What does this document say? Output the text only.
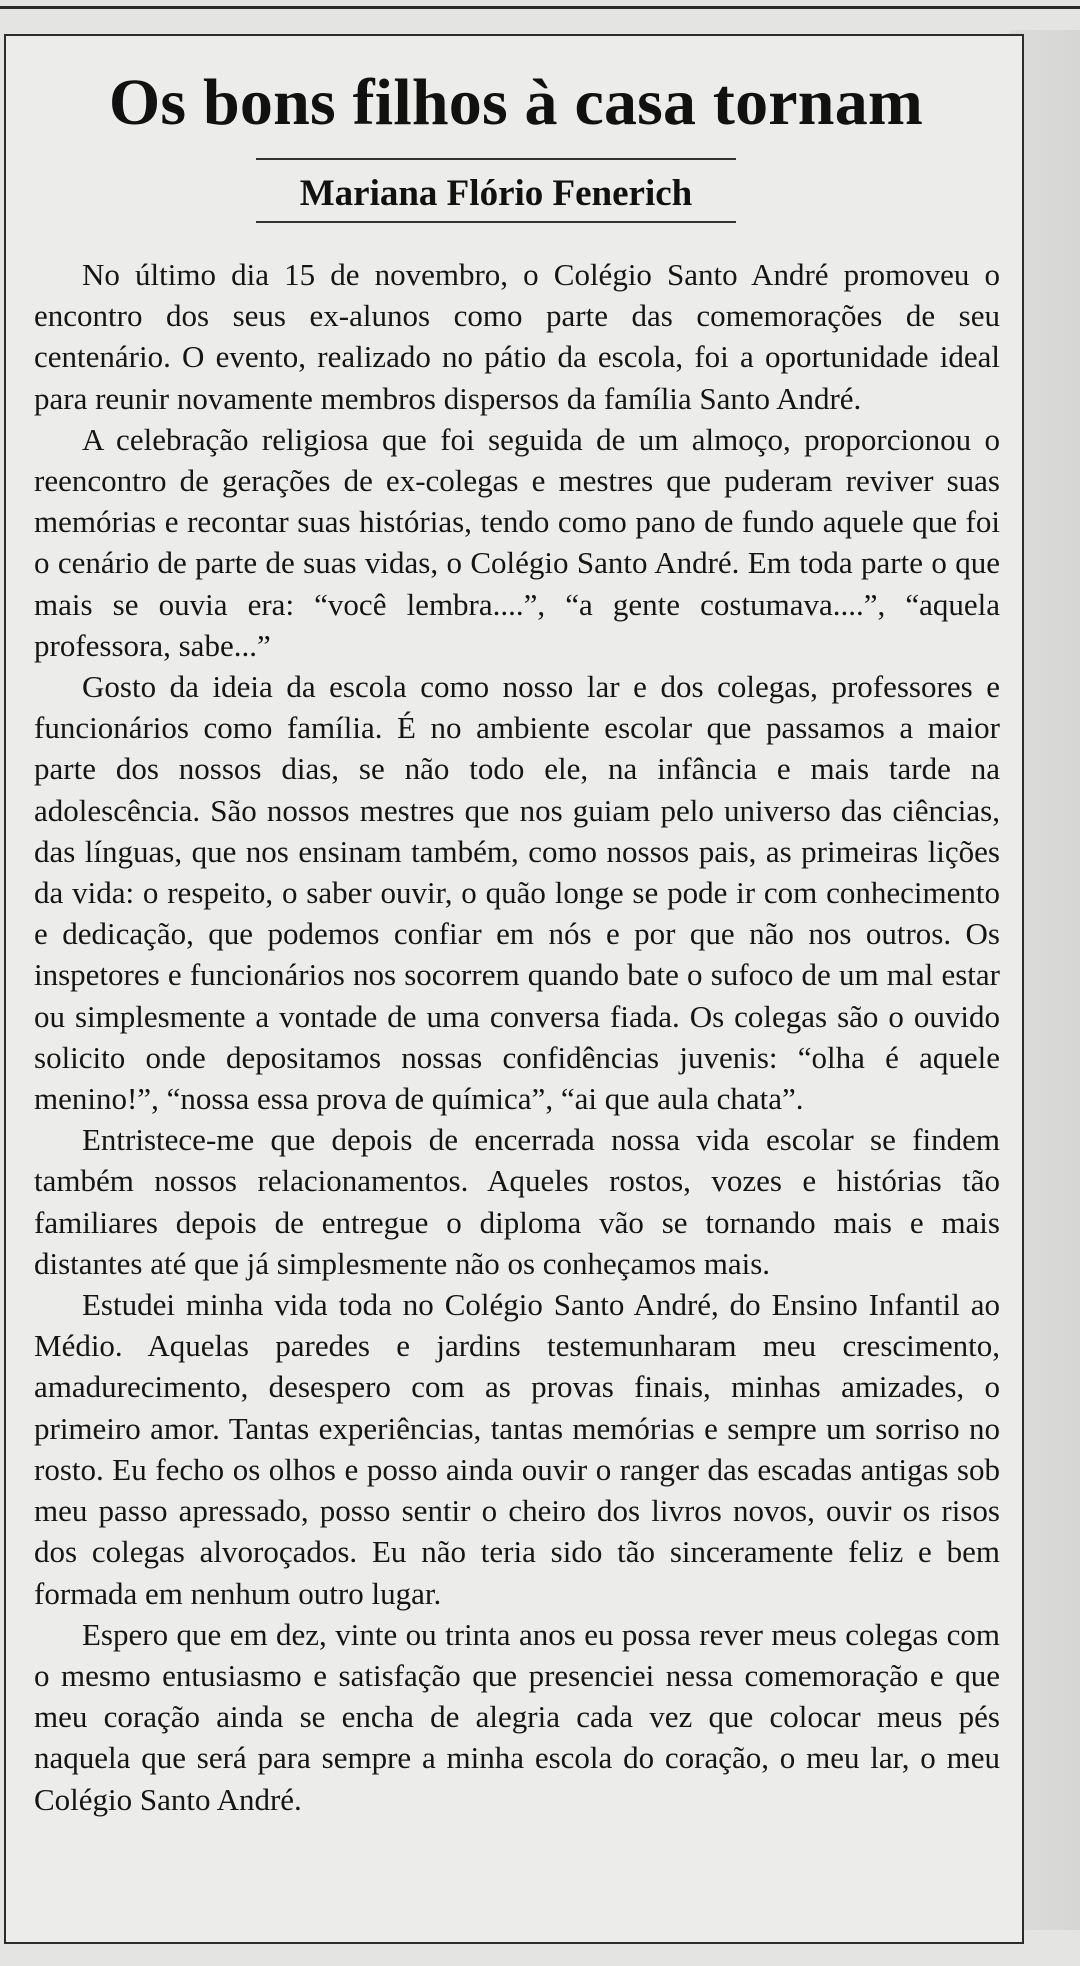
Os bons filhos à casa tornam
Mariana Flório Fenerich

No último dia 15 de novembro, o Colégio Santo André promoveu o encontro dos seus ex-alunos como parte das comemorações de seu centenário. O evento, realizado no pátio da escola, foi a oportunidade ideal para reunir novamente membros dispersos da família Santo André.

A celebração religiosa que foi seguida de um almoço, proporcionou o reencontro de gerações de ex-colegas e mestres que puderam reviver suas memórias e recontar suas histórias, tendo como pano de fundo aquele que foi o cenário de parte de suas vidas, o Colégio Santo André. Em toda parte o que mais se ouvia era: “você lembra....”, “a gente costumava....”, “aquela professora, sabe...”

Gosto da ideia da escola como nosso lar e dos colegas, professores e funcionários como família. É no ambiente escolar que passamos a maior parte dos nossos dias, se não todo ele, na infância e mais tarde na adolescência. São nossos mestres que nos guiam pelo universo das ciências, das línguas, que nos ensinam também, como nossos pais, as primeiras lições da vida: o respeito, o saber ouvir, o quão longe se pode ir com conhecimento e dedicação, que podemos confiar em nós e por que não nos outros. Os inspetores e funcionários nos socorrem quando bate o sufoco de um mal estar ou simplesmente a vontade de uma conversa fiada. Os colegas são o ouvido solicito onde depositamos nossas confidências juvenis: “olha é aquele menino!”, “nossa essa prova de química”, “ai que aula chata”.

Entristece-me que depois de encerrada nossa vida escolar se findem também nossos relacionamentos. Aqueles rostos, vozes e histórias tão familiares depois de entregue o diploma vão se tornando mais e mais distantes até que já simplesmente não os conheçamos mais.

Estudei minha vida toda no Colégio Santo André, do Ensino Infantil ao Médio. Aquelas paredes e jardins testemunharam meu crescimento, amadurecimento, desespero com as provas finais, minhas amizades, o primeiro amor. Tantas experiências, tantas memórias e sempre um sorriso no rosto. Eu fecho os olhos e posso ainda ouvir o ranger das escadas antigas sob meu passo apressado, posso sentir o cheiro dos livros novos, ouvir os risos dos colegas alvoroçados. Eu não teria sido tão sinceramente feliz e bem formada em nenhum outro lugar.

Espero que em dez, vinte ou trinta anos eu possa rever meus colegas com o mesmo entusiasmo e satisfação que presenciei nessa comemoração e que meu coração ainda se encha de alegria cada vez que colocar meus pés naquela que será para sempre a minha escola do coração, o meu lar, o meu Colégio Santo André.
